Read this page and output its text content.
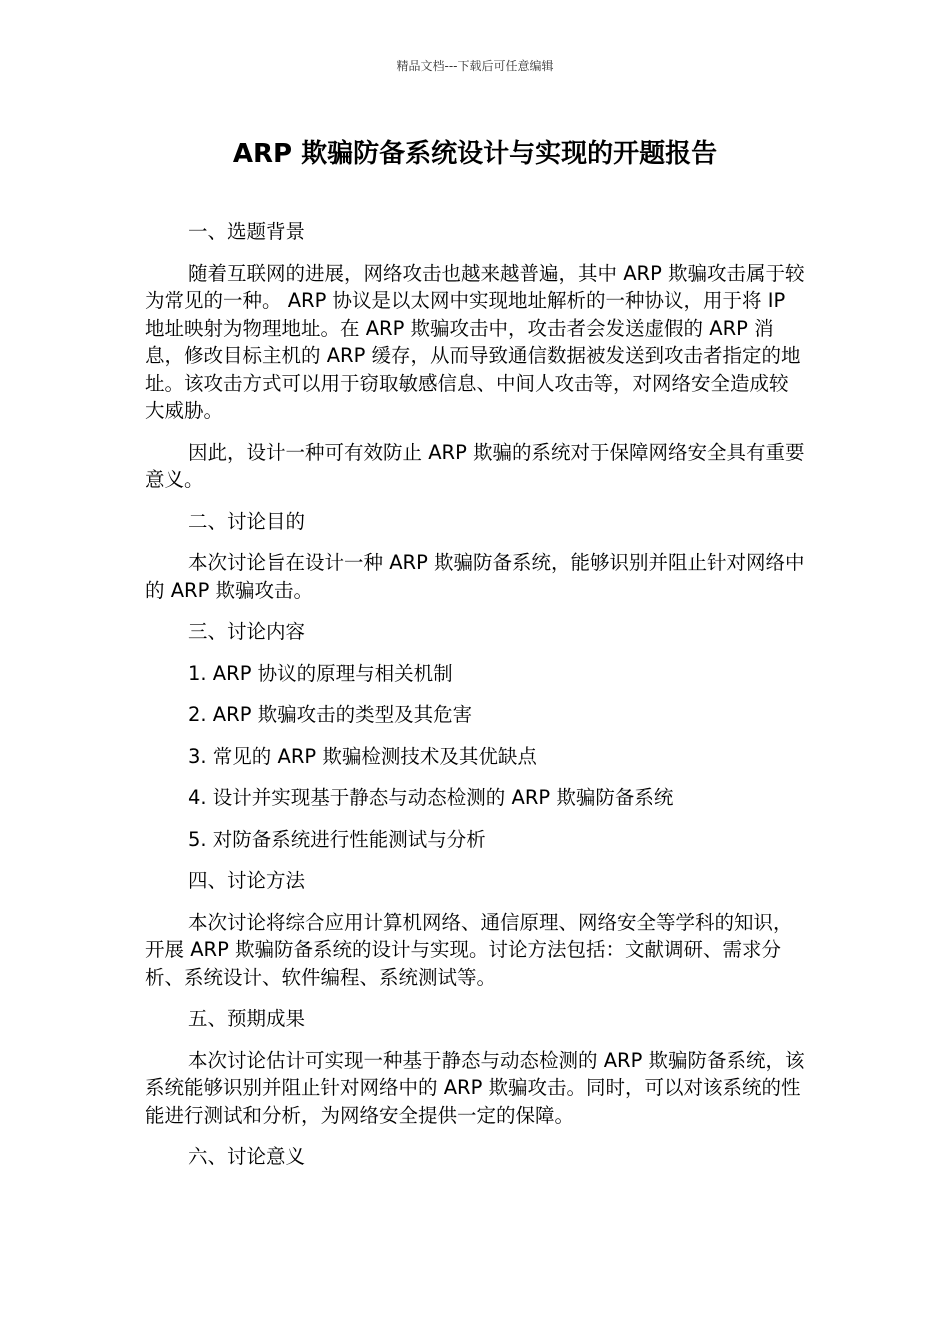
精品文档---下载后可任意编辑
ARP 欺骗防备系统设计与实现的开题报告

一、选题背景

随着互联网的进展，网络攻击也越来越普遍，其中 ARP 欺骗攻击属于较为常见的一种。 ARP 协议是以太网中实现地址解析的一种协议，用于将 IP 地址映射为物理地址。在 ARP 欺骗攻击中，攻击者会发送虚假的 ARP 消息，修改目标主机的 ARP 缓存，从而导致通信数据被发送到攻击者指定的地址。该攻击方式可以用于窃取敏感信息、中间人攻击等，对网络安全造成较大威胁。

因此，设计一种可有效防止 ARP 欺骗的系统对于保障网络安全具有重要意义。

二、讨论目的

本次讨论旨在设计一种 ARP 欺骗防备系统，能够识别并阻止针对网络中的 ARP 欺骗攻击。

三、讨论内容

1. ARP 协议的原理与相关机制

2. ARP 欺骗攻击的类型及其危害

3. 常见的 ARP 欺骗检测技术及其优缺点

4. 设计并实现基于静态与动态检测的 ARP 欺骗防备系统

5. 对防备系统进行性能测试与分析

四、讨论方法

本次讨论将综合应用计算机网络、通信原理、网络安全等学科的知识，开展 ARP 欺骗防备系统的设计与实现。讨论方法包括：文献调研、需求分析、系统设计、软件编程、系统测试等。

五、预期成果

本次讨论估计可实现一种基于静态与动态检测的 ARP 欺骗防备系统，该系统能够识别并阻止针对网络中的 ARP 欺骗攻击。同时，可以对该系统的性能进行测试和分析，为网络安全提供一定的保障。

六、讨论意义
